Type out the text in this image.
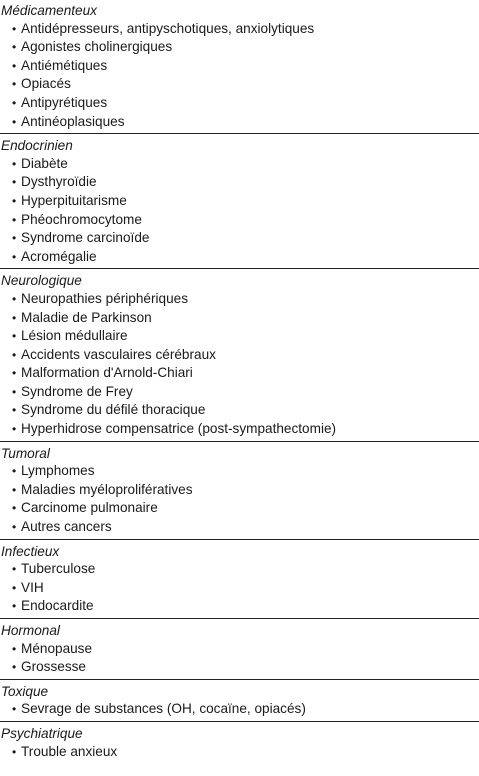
Médicamenteux
• Antidépresseurs, antipyschotiques, anxiolytiques
• Agonistes cholinergiques
• Antiémétiques
• Opiacés
• Antipyrétiques
• Antinéoplasiques
Endocrinien
• Diabète
• Dysthyroïdie
• Hyperpituitarisme
• Phéochromocytome
• Syndrome carcinoïde
• Acromégalie
Neurologique
• Neuropathies périphériques
• Maladie de Parkinson
• Lésion médullaire
• Accidents vasculaires cérébraux
• Malformation d'Arnold-Chiari
• Syndrome de Frey
• Syndrome du défilé thoracique
• Hyperhidrose compensatrice (post-sympathectomie)
Tumoral
• Lymphomes
• Maladies myéloprolifératives
• Carcinome pulmonaire
• Autres cancers
Infectieux
• Tuberculose
• VIH
• Endocardite
Hormonal
• Ménopause
• Grossesse
Toxique
• Sevrage de substances (OH, cocaïne, opiacés)
Psychiatrique
• Trouble anxieux
